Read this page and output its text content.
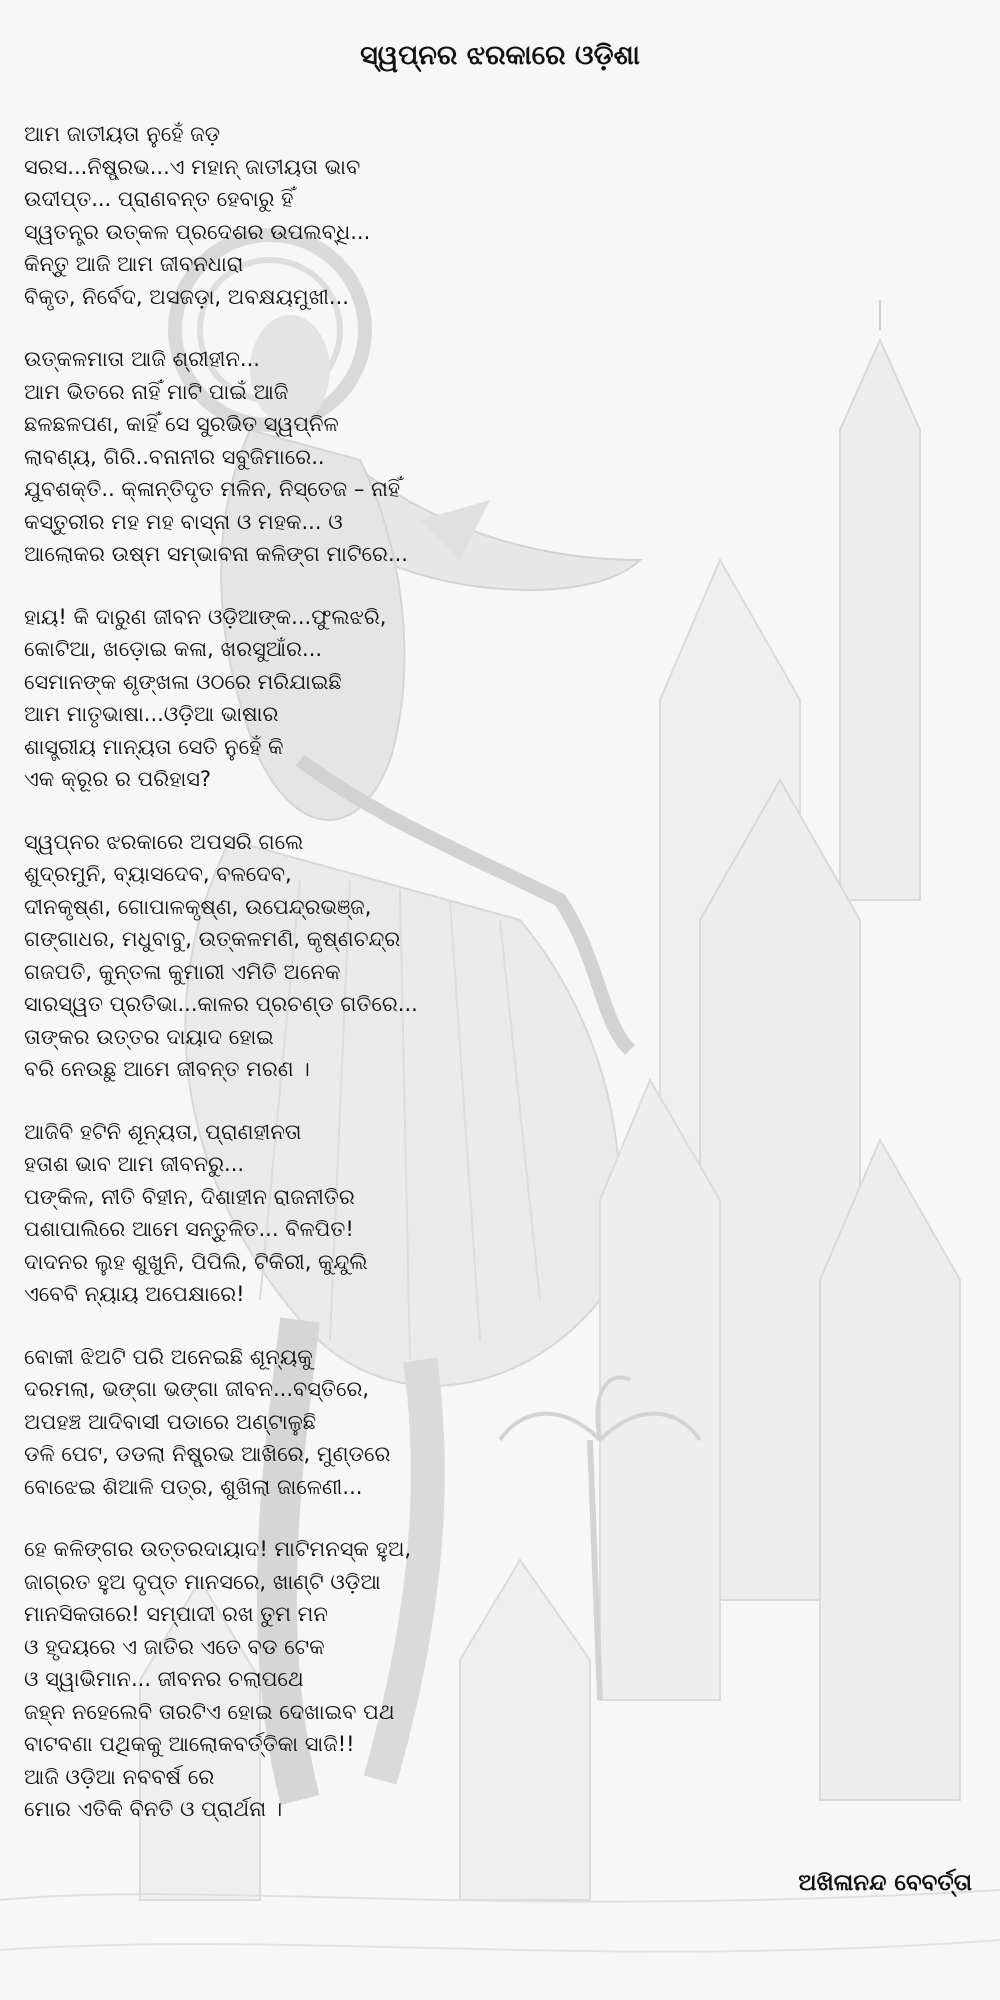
ସ୍ୱପ୍ନର ଝରକାରେ ଓଡ଼ିଶା
ଆମ ଜାତୀୟତା ନୁହେଁ ଜଡ଼
ସରସ...ନିଷ୍ପ୍ରଭ...ଏ ମହାନ୍ ଜାତୀୟତା ଭାବ
ଉଦୀପ୍ତ... ପ୍ରାଣବନ୍ତ ହେବାରୁ ହିଁ
ସ୍ୱତନ୍ତ୍ର ଉତ୍କଳ ପ୍ରଦେଶର ଉପଲବ୍ଧି...
କିନ୍ତୁ ଆଜି ଆମ ଜୀବନଧାରା
ବିକୃତ, ନିର୍ବେଦ, ଅସଜଡ଼ା, ଅବକ୍ଷୟମୁଖୀ...
ଉତ୍କଳମାତା ଆଜି ଶ୍ରୀହୀନ...
ଆମ ଭିତରେ ନାହିଁ ମାଟି ପାଇଁ ଆଜି
ଛଳଛଳପଣ, କାହିଁ ସେ ସୁରଭିତ ସ୍ୱପ୍ନିଳ
ଲାବଣ୍ୟ, ଗିରି..ବନାନୀର ସବୁଜିମାରେ..
ଯୁବଶକ୍ତି.. କ୍ଳାନ୍ତିଦୃତ ମଳିନ, ନିସ୍ତେଜ – ନାହିଁ
କସ୍ତୁରୀର ମହ ମହ ବାସ୍ନା ଓ ମହକ... ଓ
ଆଲୋକର ଉଷ୍ମ ସମ୍ଭାବନା କଳିଙ୍ଗ ମାଟିରେ...
ହାୟ! କି ଦାରୁଣ ଜୀବନ ଓଡ଼ିଆଙ୍କ...ଫୁଲଝରି,
କୋଟିଆ, ଖଡ଼ୋଇ କଳା, ଖରସୁଆଁର...
ସେମାନଙ୍କ ଶୃଙ୍ଖଳା ଓଠରେ ମରିଯାଇଛି
ଆମ ମାତୃଭାଷା...ଓଡ଼ିଆ ଭାଷାର
ଶାସ୍ତ୍ରୀୟ ମାନ୍ୟତା ସେତି ନୁହେଁ କି
ଏକ କ୍ରୂର ର ପରିହାସ?
ସ୍ୱପ୍ନର ଝରକାରେ ଅପସରି ଗଲେ
ଶୁଦ୍ରମୁନି, ବ୍ୟାସଦେବ, ବଳଦେବ,
ଦୀନକୃଷ୍ଣ, ଗୋପାଳକୃଷ୍ଣ, ଉପେନ୍ଦ୍ରଭଞ୍ଜ,
ଗଙ୍ଗାଧର, ମଧୁବାବୁ, ଉତ୍କଳମଣି, କୃଷ୍ଣଚନ୍ଦ୍ର
ଗଜପତି, କୁନ୍ତଳା କୁମାରୀ ଏମିତି ଅନେକ
ସାରସ୍ୱତ ପ୍ରତିଭା...କାଳର ପ୍ରଚଣ୍ଡ ଗତିରେ...
ତାଙ୍କର ଉତ୍ତର ଦାୟାଦ ହୋଇ
ବରି ନେଉଛୁ ଆମେ ଜୀବନ୍ତ ମରଣ ।
ଆଜିବି ହଟିନି ଶୂନ୍ୟତା, ପ୍ରାଣହୀନତା
ହତାଶ ଭାବ ଆମ ଜୀବନରୁ...
ପଙ୍କିଳ, ନୀତି ବିହୀନ, ଦିଶାହୀନ ରାଜନୀତିର
ପଶାପାଲିରେ ଆମେ ସନ୍ତୁଳିତ... ବିଳପିତ!
ଦାଦନର ଲୁହ ଶୁଖୁନି, ପିପିଲି, ଟିକିରୀ, କୁନ୍ଦୁଲି
ଏବେବି ନ୍ୟାୟ ଅପେକ୍ଷାରେ!
ବୋକୀ ଝିଅଟି ପରି ଅନେଇଛି ଶୂନ୍ୟକୁ
ଦରମଲା, ଭଙ୍ଗା ଭଙ୍ଗା ଜୀବନ...ବସ୍ତିରେ,
ଅପହଞ୍ଚ ଆଦିବାସୀ ପଡାରେ ଅଣ୍ଟାଳୁଛି
ଡଳି ପେଟ, ଡଡଲା ନିଷ୍ପ୍ରଭ ଆଖିରେ, ମୁଣ୍ଡରେ
ବୋଝେଇ ଶିଆଳି ପତ୍ର, ଶୁଖିଲା ଜାଳେଣୀ...
ହେ କଳିଙ୍ଗର ଉତ୍ତରଦାୟାଦ! ମାଟିମନସ୍କ ହୁଅ,
ଜାଗ୍ରତ ହୁଅ ଦୃପ୍ତ ମାନସରେ, ଖାଣ୍ଟି ଓଡ଼ିଆ
ମାନସିକତାରେ! ସମ୍ପାଦୀ ରଖ ତୁମ ମନ
ଓ ହୃଦୟରେ ଏ ଜାତିର ଏତେ ବଡ ଟେକ
ଓ ସ୍ୱାଭିମାନ... ଜୀବନର ଚଲାପଥେ
ଜହ୍ନ ନହେଲେବି ତାରଟିଏ ହୋଇ ଦେଖାଇବ ପଥ
ବାଟବଣା ପଥିକକୁ ଆଲୋକବର୍ତ୍ତିକା ସାଜି!!
ଆଜି ଓଡ଼ିଆ ନବବର୍ଷ ରେ
ମୋର ଏତିକି ବିନତି ଓ ପ୍ରାର୍ଥନା ।
ଅଖିଳାନନ୍ଦ ବେବର୍ତ୍ତା
